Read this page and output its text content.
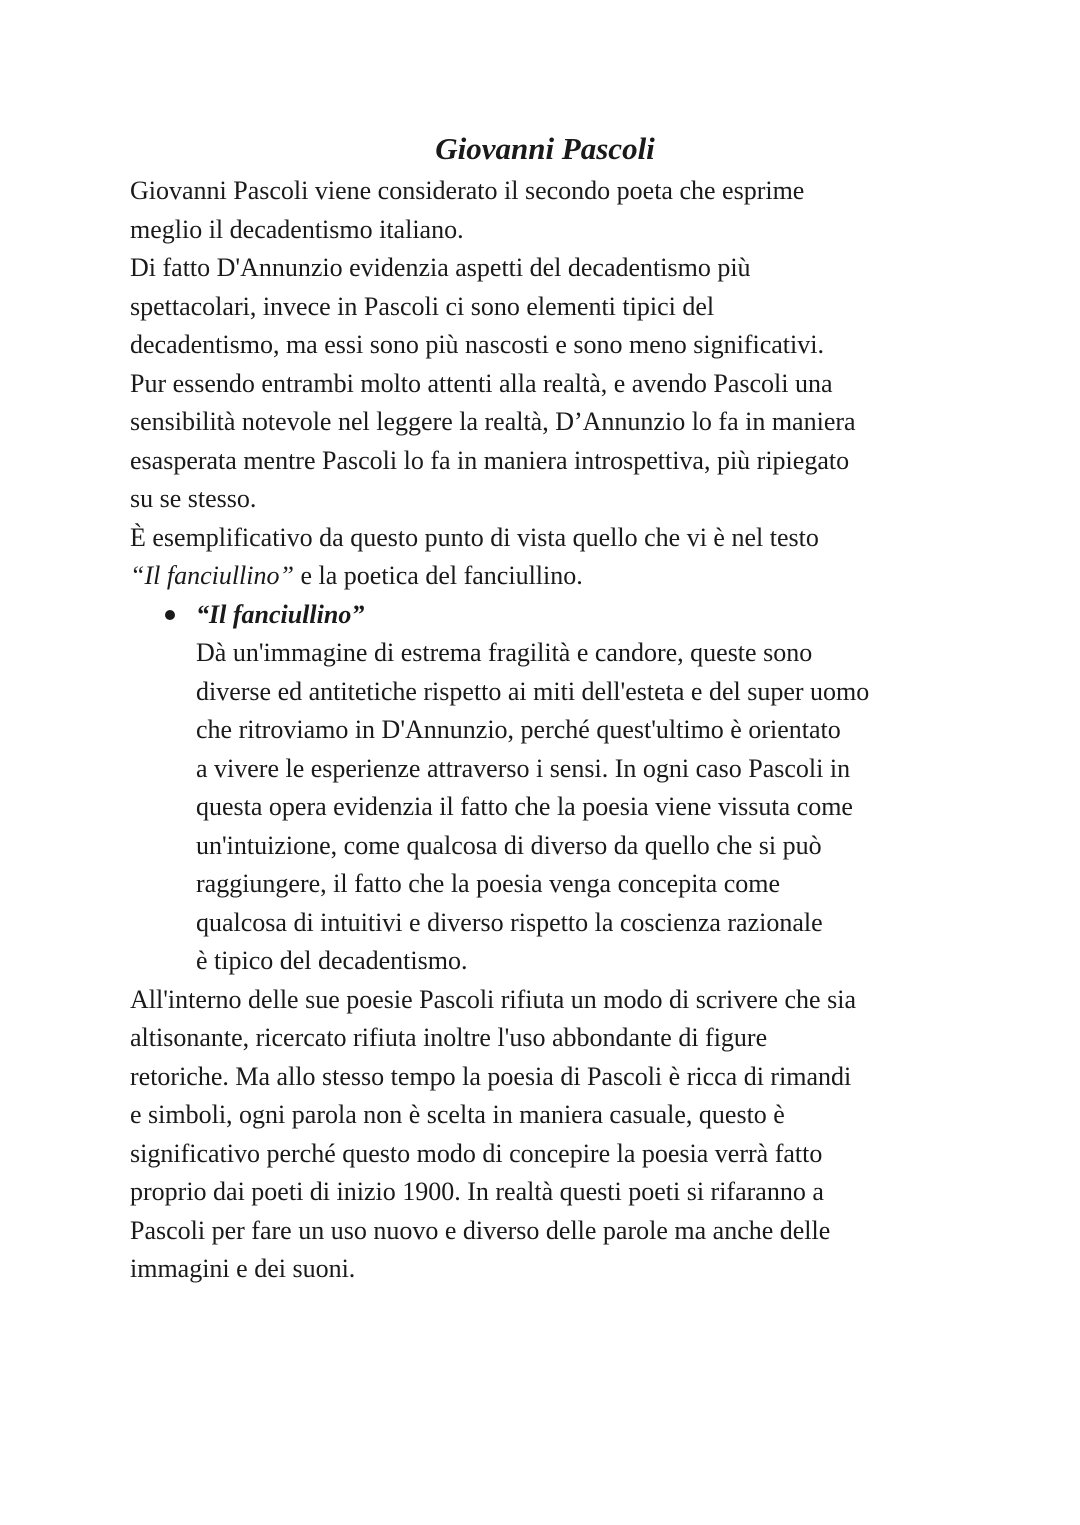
Giovanni Pascoli

Giovanni Pascoli viene considerato il secondo poeta che esprime
meglio il decadentismo italiano.
Di fatto D'Annunzio evidenzia aspetti del decadentismo più
spettacolari, invece in Pascoli ci sono elementi tipici del
decadentismo, ma essi sono più nascosti e sono meno significativi.
Pur essendo entrambi molto attenti alla realtà, e avendo Pascoli una
sensibilità notevole nel leggere la realtà, D’Annunzio lo fa in maniera
esasperata mentre Pascoli lo fa in maniera introspettiva, più ripiegato
su se stesso.
È esemplificativo da questo punto di vista quello che vi è nel testo
“Il fanciullino” e la poetica del fanciullino.

“Il fanciullino”

Dà un'immagine di estrema fragilità e candore, queste sono
diverse ed antitetiche rispetto ai miti dell'esteta e del super uomo
che ritroviamo in D'Annunzio, perché quest'ultimo è orientato
a vivere le esperienze attraverso i sensi. In ogni caso Pascoli in
questa opera evidenzia il fatto che la poesia viene vissuta come
un'intuizione, come qualcosa di diverso da quello che si può
raggiungere, il fatto che la poesia venga concepita come
qualcosa di intuitivi e diverso rispetto la coscienza razionale
è tipico del decadentismo.

All'interno delle sue poesie Pascoli rifiuta un modo di scrivere che sia
altisonante, ricercato rifiuta inoltre l'uso abbondante di figure
retoriche. Ma allo stesso tempo la poesia di Pascoli è ricca di rimandi
e simboli, ogni parola non è scelta in maniera casuale, questo è
significativo perché questo modo di concepire la poesia verrà fatto
proprio dai poeti di inizio 1900. In realtà questi poeti si rifaranno a
Pascoli per fare un uso nuovo e diverso delle parole ma anche delle
immagini e dei suoni.
